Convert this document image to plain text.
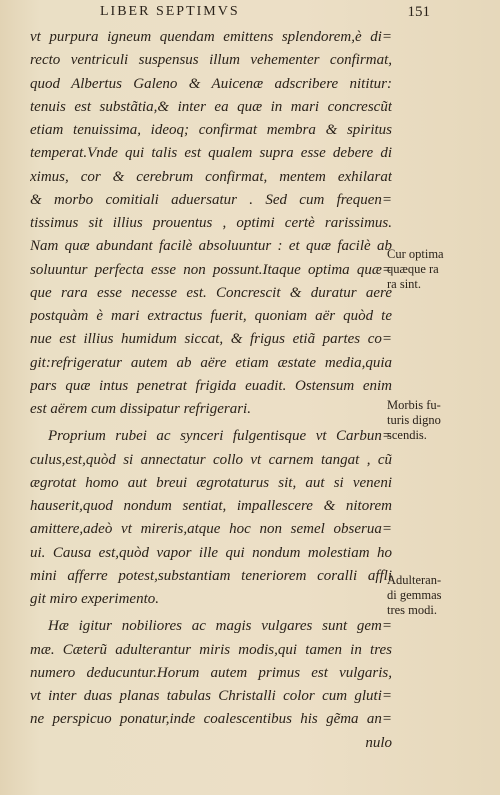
LIBER SEPTIMVS	151
vt purpura igneum quendam emittens splendorem,è di=
recto ventriculi suspensus illum vehementer confirmat,
quod Albertus Galeno & Auicenæ adscribere nititur:
tenuis est substãtia,& inter ea quæ in mari concrescũt
etiam tenuissima, ideoq; confirmat membra & spiritus
temperat.Vnde qui talis est qualem supra esse debere di
ximus, cor & cerebrum confirmat, mentem exhilarat
& morbo comitiali aduersatur . Sed cum frequen=
tissimus sit illius prouentus , optimi certè rarissimus.
Nam quæ abundant facilè absoluuntur : et quæ facilè ab
soluuntur perfecta esse non possunt.Itaque optima quæ=
que rara esse necesse est. Concrescit & duratur aere
postquàm è mari extractus fuerit, quoniam aër quòd te
nue est illius humidum siccat, & frigus etiã partes co=
git:refrigeratur autem ab aëre etiam æstate media,quia
pars quæ intus penetrat frigida euadit. Ostensum enim
est aërem cum dissipatur refrigerari.
Proprium rubei ac synceri fulgentisque vt Carbun=
culus,est,quòd si annectatur collo vt carnem tangat , cũ
ægrotat homo aut breui ægrotaturus sit, aut si veneni
hauserit,quod nondum sentiat, impallescere & nitorem
amittere,adeò vt mireris,atque hoc non semel obserua=
ui. Causa est,quòd vapor ille qui nondum molestiam ho
mini afferre potest,substantiam teneriorem coralli affli
git miro experimento.
Hæ igitur nobiliores ac magis vulgares sunt gem=
mæ. Cæterũ adulterantur miris modis,qui tamen in tres
numero deducuntur.Horum autem primus est vulgaris,
vt inter duas planas tabulas Christalli color cum gluti=
ne perspicuo ponatur,inde coalescentibus his gẽma an=
nulo
Cur optima
quæque ra
ra sint.
Morbis fu-
turis digno
scendis.
Adulteran-
di gemmas
tres modi.
